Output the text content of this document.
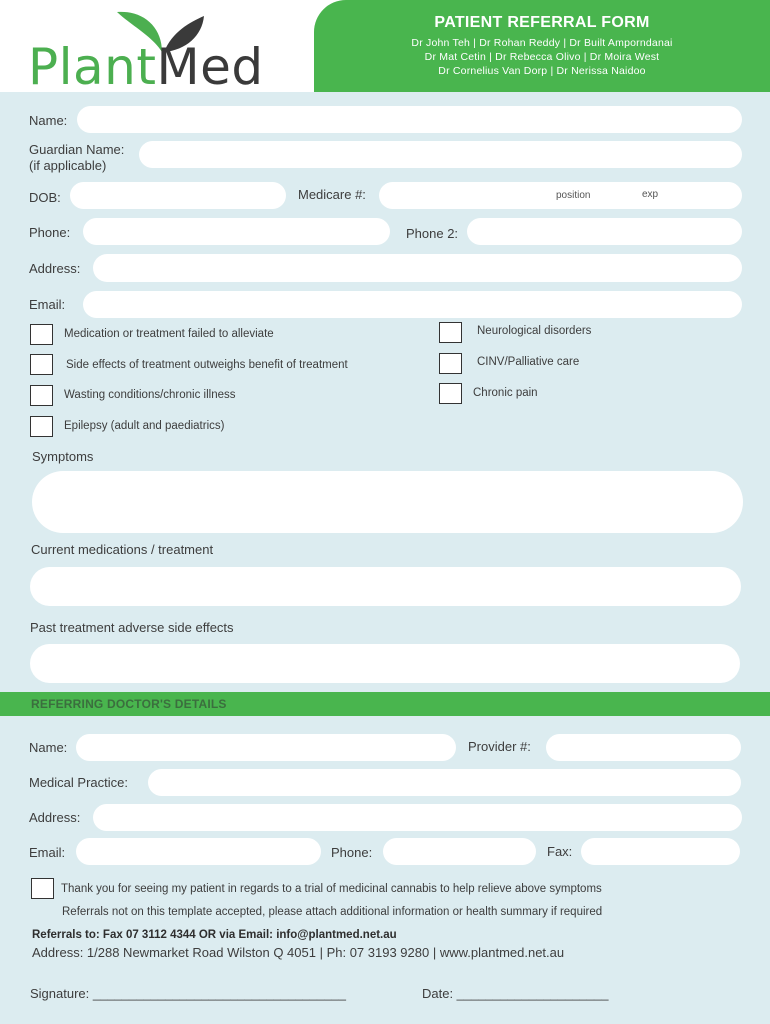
PlantMed
PATIENT REFERRAL FORM
Dr John Teh | Dr Rohan Reddy | Dr Built Amporndanai
Dr Mat Cetin | Dr Rebecca Olivo | Dr Moira West
Dr Cornelius Van Dorp | Dr Nerissa Naidoo
Name:
Guardian Name:
(if applicable)
DOB:	Medicare #:	position	exp
Phone:	Phone 2:
Address:
Email:
Medication or treatment failed to alleviate
Side effects of treatment outweighs benefit of treatment
Wasting conditions/chronic illness
Epilepsy (adult and paediatrics)
Neurological disorders
CINV/Palliative care
Chronic pain
Symptoms
Current medications / treatment
Past treatment adverse side effects
REFERRING DOCTOR'S DETAILS
Name:	Provider #:
Medical Practice:
Address:
Email:	Phone:	Fax:
Thank you for seeing my patient in regards to a trial of medicinal cannabis to help relieve above symptoms
Referrals not on this template accepted, please attach additional information or health summary if required
Referrals to: Fax 07 3112 4344 OR via Email: info@plantmed.net.au
Address: 1/288 Newmarket Road Wilston Q 4051 | Ph: 07 3193 9280 | www.plantmed.net.au
Signature: ___________________________________	Date: _____________________
